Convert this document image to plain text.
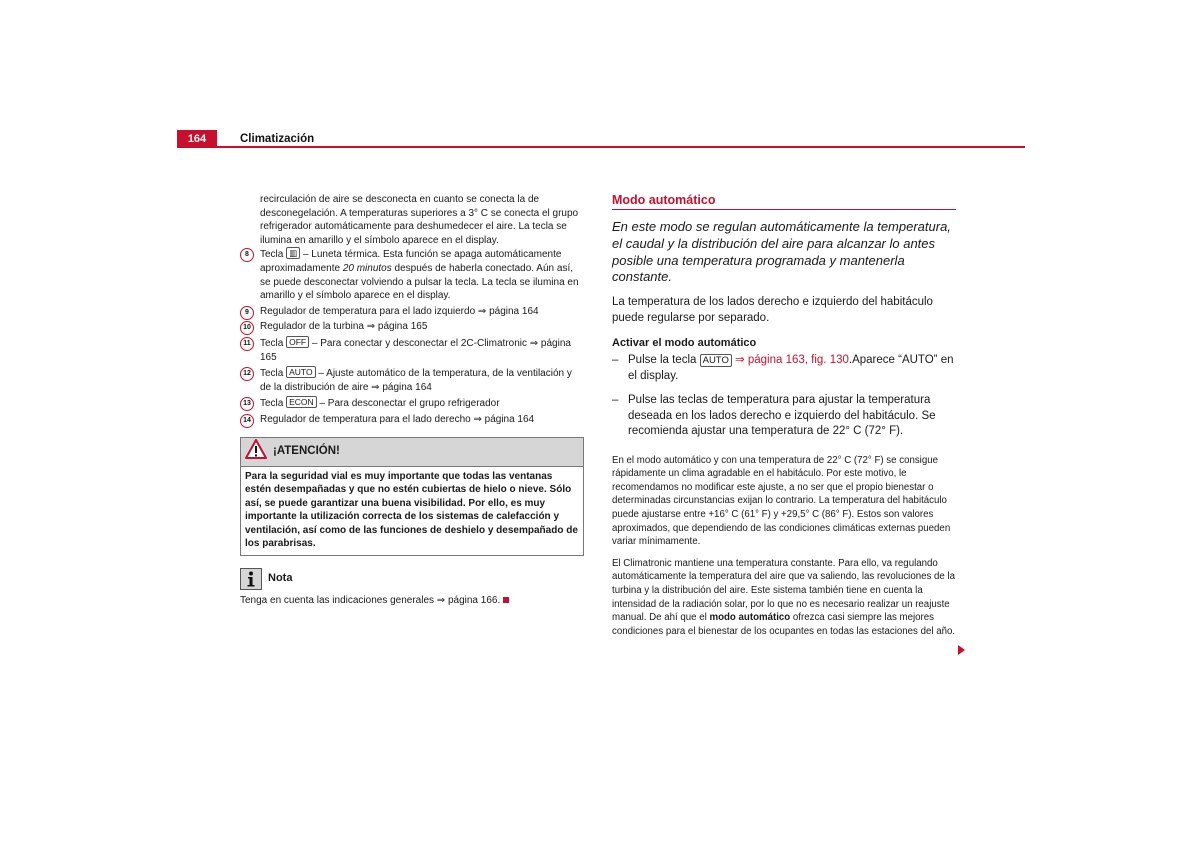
164	Climatización

recirculación de aire se desconecta en cuanto se conecta la de desconegelación. A temperaturas superiores a 3° C se conecta el grupo refrigerador automáticamente para deshumedecer el aire. La tecla se ilumina en amarillo y el símbolo aparece en el display.

8	Tecla ▥ – Luneta térmica. Esta función se apaga automáticamente aproximadamente 20 minutos después de haberla conectado. Aún así, se puede desconectar volviendo a pulsar la tecla. La tecla se ilumina en amarillo y el símbolo aparece en el display.
9	Regulador de temperatura para el lado izquierdo ⇒ página 164
10 Regulador de la turbina ⇒ página 165
11 Tecla OFF – Para conectar y desconectar el 2C-Climatronic ⇒ página 165
12 Tecla AUTO – Ajuste automático de la temperatura, de la ventilación y de la distribución de aire ⇒ página 164
13 Tecla ECON – Para desconectar el grupo refrigerador
14 Regulador de temperatura para el lado derecho ⇒ página 164
¡ATENCIÓN!
Para la seguridad vial es muy importante que todas las ventanas estén desempañadas y que no estén cubiertas de hielo o nieve. Sólo así, se puede garantizar una buena visibilidad. Por ello, es muy importante la utilización correcta de los sistemas de calefacción y ventilación, así como de las funciones de deshielo y desempañado de los parabrisas.
Nota
Tenga en cuenta las indicaciones generales ⇒ página 166.
Modo automático
En este modo se regulan automáticamente la temperatura, el caudal y la distribución del aire para alcanzar lo antes posible una temperatura programada y mantenerla constante.
La temperatura de los lados derecho e izquierdo del habitáculo puede regularse por separado.
Activar el modo automático
– Pulse la tecla AUTO ⇒ página 163, fig. 130.Aparece “AUTO” en el display.
– Pulse las teclas de temperatura para ajustar la temperatura deseada en los lados derecho e izquierdo del habitáculo. Se recomienda ajustar una temperatura de 22° C (72° F).
En el modo automático y con una temperatura de 22° C (72° F) se consigue rápidamente un clima agradable en el habitáculo. Por este motivo, le recomendamos no modificar este ajuste, a no ser que el propio bienestar o determinadas circunstancias exijan lo contrario. La temperatura del habitáculo puede ajustarse entre +16° C (61° F) y +29,5° C (86° F). Estos son valores aproximados, que dependiendo de las condiciones climáticas externas pueden variar mínimamente.
El Climatronic mantiene una temperatura constante. Para ello, va regulando automáticamente la temperatura del aire que va saliendo, las revoluciones de la turbina y la distribución del aire. Este sistema también tiene en cuenta la intensidad de la radiación solar, por lo que no es necesario realizar un reajuste manual. De ahí que el modo automático ofrezca casi siempre las mejores condiciones para el bienestar de los ocupantes en todas las estaciones del año.
